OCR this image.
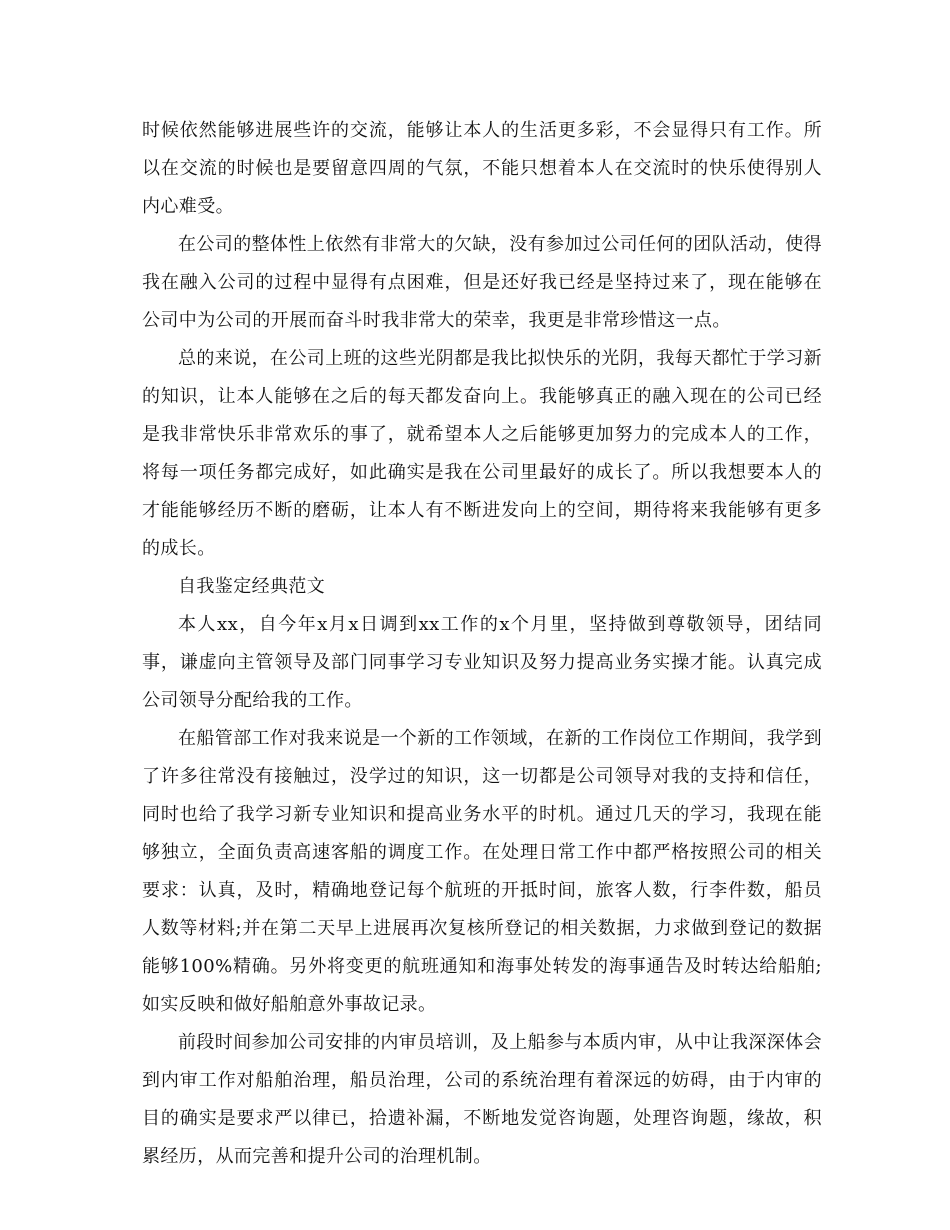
时候依然能够进展些许的交流，能够让本人的生活更多彩，不会显得只有工作。所以在交流的时候也是要留意四周的气氛，不能只想着本人在交流时的快乐使得别人内心难受。

在公司的整体性上依然有非常大的欠缺，没有参加过公司任何的团队活动，使得我在融入公司的过程中显得有点困难，但是还好我已经是坚持过来了，现在能够在公司中为公司的开展而奋斗时我非常大的荣幸，我更是非常珍惜这一点。

总的来说，在公司上班的这些光阴都是我比拟快乐的光阴，我每天都忙于学习新的知识，让本人能够在之后的每天都发奋向上。我能够真正的融入现在的公司已经是我非常快乐非常欢乐的事了，就希望本人之后能够更加努力的完成本人的工作，将每一项任务都完成好，如此确实是我在公司里最好的成长了。所以我想要本人的才能能够经历不断的磨砺，让本人有不断进发向上的空间，期待将来我能够有更多的成长。

自我鉴定经典范文

本人xx，自今年x月x日调到xx工作的x个月里，坚持做到尊敬领导，团结同事，谦虚向主管领导及部门同事学习专业知识及努力提高业务实操才能。认真完成公司领导分配给我的工作。

在船管部工作对我来说是一个新的工作领域，在新的工作岗位工作期间，我学到了许多往常没有接触过，没学过的知识，这一切都是公司领导对我的支持和信任，同时也给了我学习新专业知识和提高业务水平的时机。通过几天的学习，我现在能够独立，全面负责高速客船的调度工作。在处理日常工作中都严格按照公司的相关要求：认真，及时，精确地登记每个航班的开抵时间，旅客人数，行李件数，船员人数等材料;并在第二天早上进展再次复核所登记的相关数据，力求做到登记的数据能够100%精确。另外将变更的航班通知和海事处转发的海事通告及时转达给船舶;如实反映和做好船舶意外事故记录。

前段时间参加公司安排的内审员培训，及上船参与本质内审，从中让我深深体会到内审工作对船舶治理，船员治理，公司的系统治理有着深远的妨碍，由于内审的目的确实是要求严以律已，拾遗补漏，不断地发觉咨询题，处理咨询题，缘故，积累经历，从而完善和提升公司的治理机制。
